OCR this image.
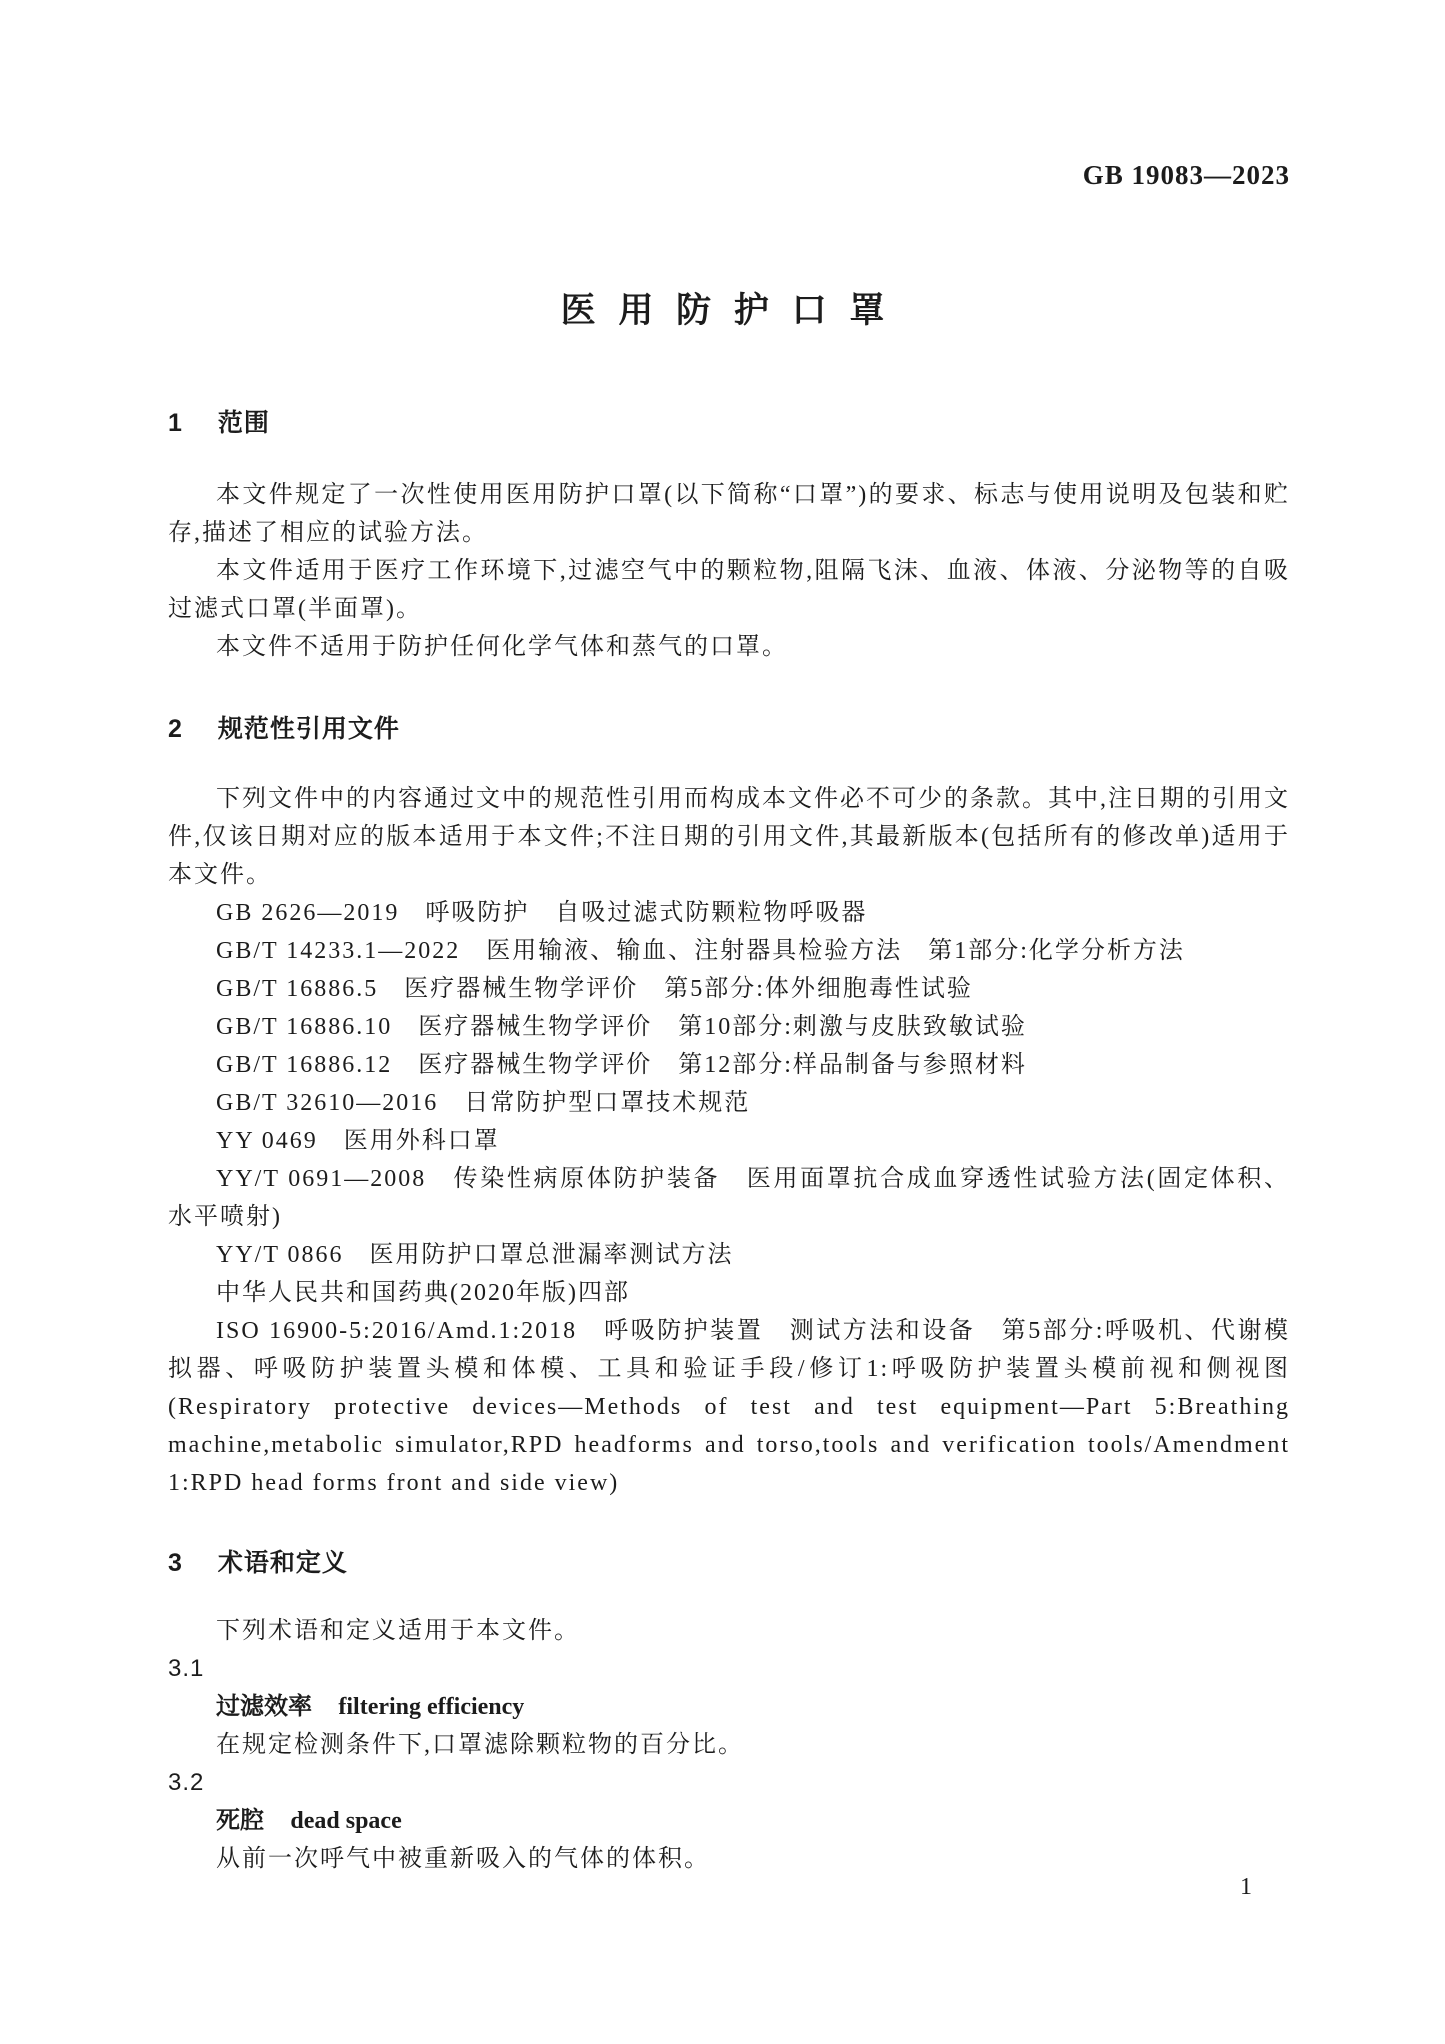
GB 19083—2023
医用防护口罩
1 范围

本文件规定了一次性使用医用防护口罩(以下简称“口罩”)的要求、标志与使用说明及包装和贮存,描述了相应的试验方法。

本文件适用于医疗工作环境下,过滤空气中的颗粒物,阻隔飞沫、血液、体液、分泌物等的自吸过滤式口罩(半面罩)。

本文件不适用于防护任何化学气体和蒸气的口罩。

2 规范性引用文件

下列文件中的内容通过文中的规范性引用而构成本文件必不可少的条款。其中,注日期的引用文件,仅该日期对应的版本适用于本文件;不注日期的引用文件,其最新版本(包括所有的修改单)适用于本文件。

GB 2626—2019　呼吸防护　自吸过滤式防颗粒物呼吸器

GB/T 14233.1—2022　医用输液、输血、注射器具检验方法　第1部分:化学分析方法

GB/T 16886.5　医疗器械生物学评价　第5部分:体外细胞毒性试验

GB/T 16886.10　医疗器械生物学评价　第10部分:刺激与皮肤致敏试验

GB/T 16886.12　医疗器械生物学评价　第12部分:样品制备与参照材料

GB/T 32610—2016　日常防护型口罩技术规范

YY 0469　医用外科口罩

YY/T 0691—2008　传染性病原体防护装备　医用面罩抗合成血穿透性试验方法(固定体积、水平喷射)

YY/T 0866　医用防护口罩总泄漏率测试方法

中华人民共和国药典(2020年版)四部

ISO 16900-5:2016/Amd.1:2018　呼吸防护装置　测试方法和设备　第5部分:呼吸机、代谢模拟器、呼吸防护装置头模和体模、工具和验证手段/修订1:呼吸防护装置头模前视和侧视图(Respiratory protective devices—Methods of test and test equipment—Part 5:Breathing machine,metabolic simulator,RPD headforms and torso,tools and verification tools/Amendment 1:RPD head forms front and side view)

3 术语和定义

下列术语和定义适用于本文件。

3.1

过滤效率 filtering efficiency

在规定检测条件下,口罩滤除颗粒物的百分比。

3.2

死腔 dead space

从前一次呼气中被重新吸入的气体的体积。

1
